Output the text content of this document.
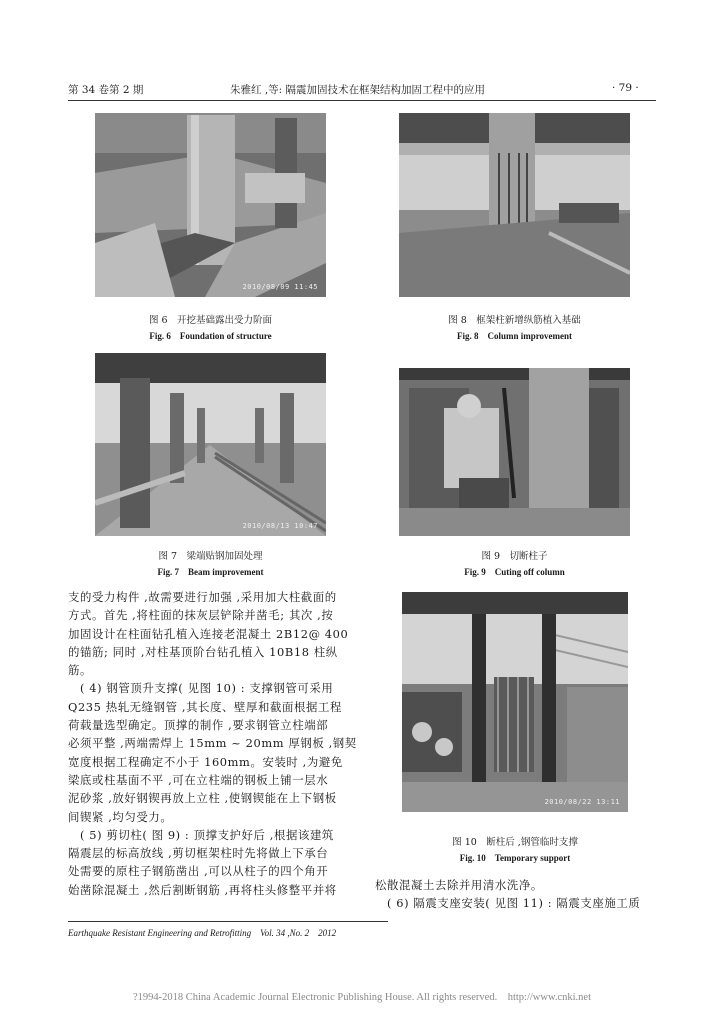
第 34 卷第 2 期	朱雅红 ,等: 隔震加固技术在框架结构加固工程中的应用	· 79 ·
2010/08/09 11:45
图 6　开挖基础露出受力阶面
Fig. 6　Foundation of structure
图 8　框架柱新增纵筋植入基础
Fig. 8　Column improvement
2010/08/13 10:47
图 7　梁端贴钢加固处理
Fig. 7　Beam improvement
图 9　切断柱子
Fig. 9　Cuting off column
2010/08/22 13:11
图 10　断柱后 ,钢管临时支撑
Fig. 10　Temporary support
支的受力构件 ,故需要进行加强 ,采用加大柱截面的
方式。首先 ,将柱面的抹灰层铲除并凿毛; 其次 ,按
加固设计在柱面钻孔植入连接老混凝土 2B12@ 400
的锚筋; 同时 ,对柱基顶阶台钻孔植入 10B18 柱纵
筋。
　( 4) 钢管顶升支撑( 见图 10) : 支撑钢管可采用
Q235 热轧无缝钢管 ,其长度、壁厚和截面根据工程
荷载量选型确定。顶撑的制作 ,要求钢管立柱端部
必须平整 ,两端需焊上 15mm ~ 20mm 厚钢板 ,钢契
宽度根据工程确定不小于 160mm。安装时 ,为避免
梁底或柱基面不平 ,可在立柱端的钢板上铺一层水
泥砂浆 ,放好钢锲再放上立柱 ,使钢锲能在上下钢板
间锲紧 ,均匀受力。
　( 5) 剪切柱( 图 9) : 顶撑支护好后 ,根据该建筑
隔震层的标高放线 ,剪切框架柱时先将做上下承台
处需要的原柱子钢筋凿出 ,可以从柱子的四个角开
始凿除混凝土 ,然后割断钢筋 ,再将柱头修整平并将	松散混凝土去除并用清水洗净。
　( 6) 隔震支座安装( 见图 11) : 隔震支座施工质
Earthquake Resistant Engineering and Retrofitting　Vol. 34 ,No. 2　2012
?1994-2018 China Academic Journal Electronic Publishing House. All rights reserved.　http://www.cnki.net
